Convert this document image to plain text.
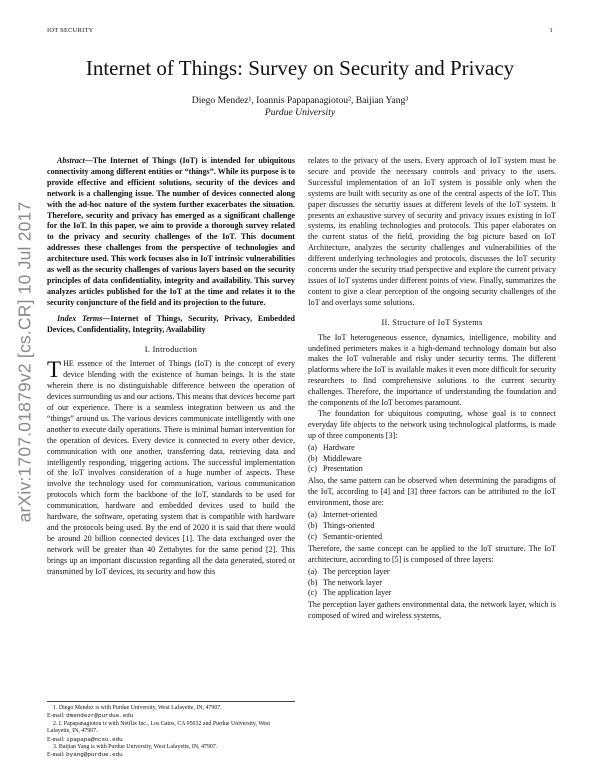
IOT SECURITY	1
Internet of Things: Survey on Security and Privacy
Diego Mendez¹, Ioannis Papapanagiotou², Baijian Yang³
Purdue University
arXiv:1707.01879v2 [cs.CR] 10 Jul 2017

Abstract—The Internet of Things (IoT) is intended for ubiquitous connectivity among different entities or “things”. While its purpose is to provide effective and efficient solutions, security of the devices and network is a challenging issue. The number of devices connected along with the ad-hoc nature of the system further exacerbates the situation. Therefore, security and privacy has emerged as a significant challenge for the IoT. In this paper, we aim to provide a thorough survey related to the privacy and security challenges of the IoT. This document addresses these challenges from the perspective of technologies and architecture used. This work focuses also in IoT intrinsic vulnerabilities as well as the security challenges of various layers based on the security principles of data confidentiality, integrity and availability. This survey analyzes articles published for the IoT at the time and relates it to the security conjuncture of the field and its projection to the future.

Index Terms—Internet of Things, Security, Privacy, Embedded Devices, Confidentiality, Integrity, Availability

I. Introduction

THE essence of the Internet of Things (IoT) is the concept of every device blending with the existence of human beings. It is the state wherein there is no distinguishable difference between the operation of devices surrounding us and our actions. This means that devices become part of our experience. There is a seamless integration between us and the “things” around us. The various devices communicate intelligently with one another to execute daily operations. There is minimal human intervention for the operation of devices. Every device is connected to every other device, communication with one another, transferring data, retrieving data and intelligently responding, triggering actions. The successful implementation of the IoT involves consideration of a huge number of aspects. These involve the technology used for communication, various communication protocols which form the backbone of the IoT, standards to be used for communication, hardware and embedded devices used to build the hardware, the software, operating system that is compatible with hardware and the protocols being used. By the end of 2020 it is said that there would be around 20 billion connected devices [1]. The data exchanged over the network will be greater than 40 Zettabytes for the same period [2]. This brings up an important discussion regarding all the data generated, stored or transmitted by IoT devices, its security and how this

1. Diego Mendez is with Purdue University, West Lafayette, IN, 47907.
E-mail: dmendezr@purdue.edu
2. I. Papapanagiotou is with Netflix Inc., Los Gatos, CA 95032 and Purdue University, West Lafayette, IN, 47907.
E-mail: ipapapa@ncsu.edu
3. Baijian Yang is with Purdue University, West Lafayette, IN, 47907.
E-mail: byang@purdue.edu

relates to the privacy of the users. Every approach of IoT system must be secure and provide the necessary controls and privacy to the users. Successful implementation of an IoT system is possible only when the systems are built with security as one of the central aspects of the IoT. This paper discusses the security issues at different levels of the IoT system. It presents an exhaustive survey of security and privacy issues existing in IoT systems, its enabling technologies and protocols. This paper elaborates on the current status of the field, providing the big picture based on IoT Architecture, analyzes the security challenges and vulnerabilities of the different underlying technologies and protocols, discusses the IoT security concerns under the security triad perspective and explore the current privacy issues of IoT systems under different points of view. Finally, summarizes the content to give a clear perception of the ongoing security challenges of the IoT and overlays some solutions.

II. Structure of IoT Systems

The IoT heterogeneous essence, dynamics, intelligence, mobility and undefined perimeters makes it a high-demand technology domain but also makes the IoT vulnerable and risky under security terms. The different platforms where the IoT is available makes it even more difficult for security researchers to find comprehensive solutions to the current security challenges. Therefore, the importance of understanding the foundation and the components of the IoT becomes paramount.

The foundation for ubiquitous computing, whose goal is to connect everyday life objects to the network using technological platforms, is made up of three components [3]:

(a) Hardware
(b) Middleware
(c) Presentation

Also, the same pattern can be observed when determining the paradigms of the IoT, according to [4] and [3] three factors can be attributed to the IoT environment, those are:

(a) Internet-oriented
(b) Things-oriented
(c) Semantic-oriented

Therefore, the same concept can be applied to the IoT structure. The IoT architecture, according to [5] is composed of three layers:

(a) The perception layer
(b) The network layer
(c) The application layer

The perception layer gathers environmental data, the network layer, which is composed of wired and wireless systems,
